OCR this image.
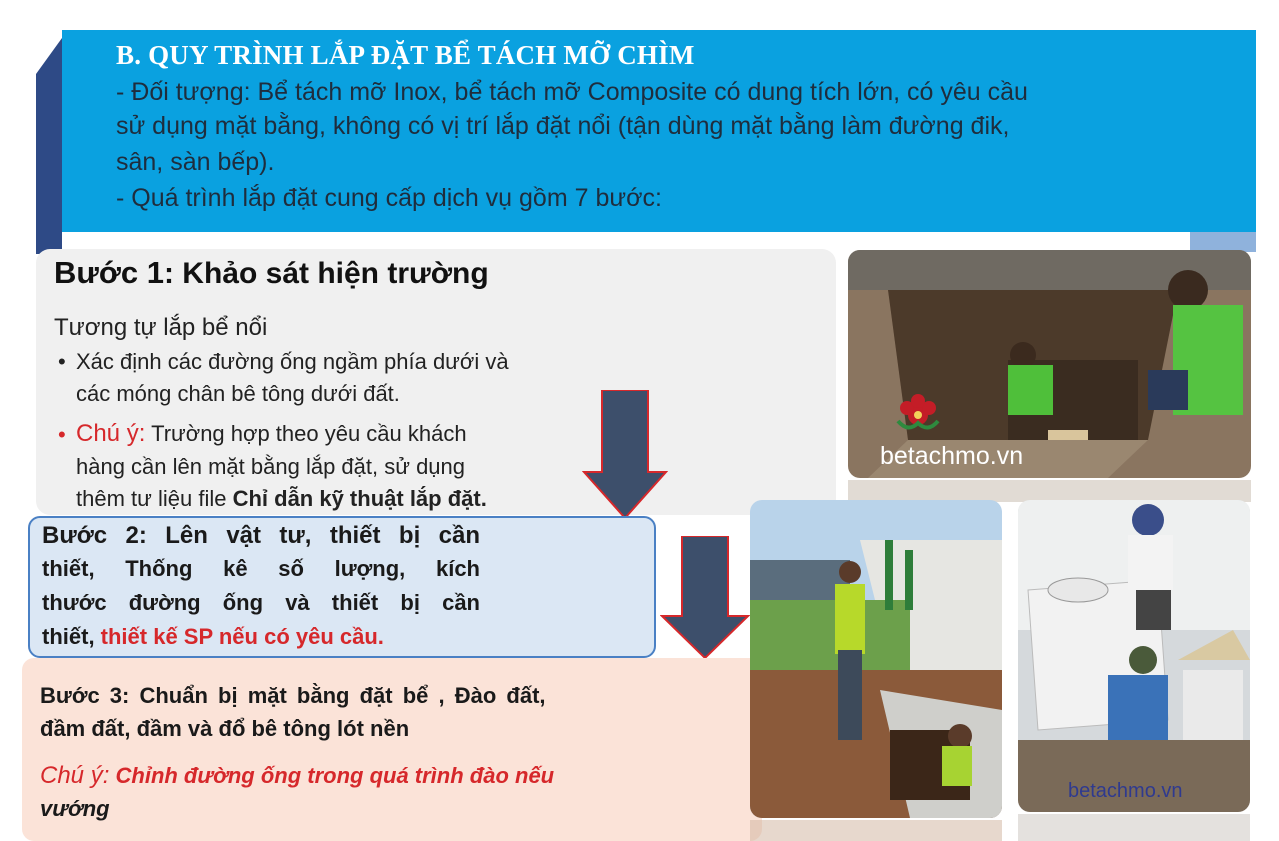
B. QUY TRÌNH LẮP ĐẶT BỂ TÁCH MỠ CHÌM
- Đối tượng: Bể tách mỡ Inox, bể tách mỡ Composite có dung tích lớn, có yêu cầu
sử dụng mặt bằng, không có vị trí lắp đặt nổi (tận dùng mặt bằng làm đường đik,
sân, sàn bếp).
- Quá trình lắp đặt cung cấp dịch vụ gồm 7 bước:
Bước 1: Khảo sát hiện trường
Tương tự lắp bể nổi
• Xác định các đường ống ngầm phía dưới và
các móng chân bê tông dưới đất.
• Chú ý: Trường hợp theo yêu cầu khách
hàng cần lên mặt bằng lắp đặt, sử dụng
thêm tư liệu file Chỉ dẫn kỹ thuật lắp đặt.
Bước 2: Lên vật tư, thiết bị cần
thiết, Thống kê số lượng, kích
thước đường ống và thiết bị cần
thiết, thiết kế SP nếu có yêu cầu.
Bước 3: Chuẩn bị mặt bằng đặt bể , Đào đất,
đầm đất, đầm và đổ bê tông lót nền
Chú ý: Chỉnh đường ống trong quá trình đào nếu
vướng
betachmo.vn
betachmo.vn
